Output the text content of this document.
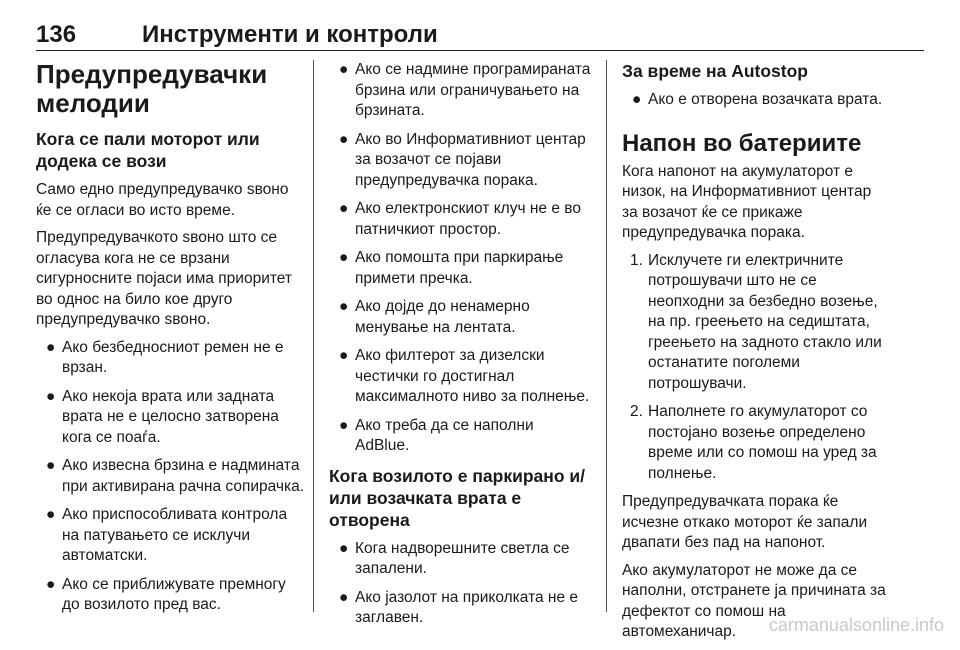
136	Инструменти и контроли
Предупредувачки мелодии
Кога се пали моторот или додека се вози
Само едно предупредувачко ѕвоно ќе се огласи во исто време.
Предупредувачкото ѕвоно што се огласува кога не се врзани сигурносните појаси има приоритет во однос на било кое друго предупредувачко ѕвоно.
● Ако безбедносниот ремен не е врзан.
● Ако некоја врата или задната врата не е целосно затворена кога се поаѓа.
● Ако извесна брзина е надминатa при активирана рачна сопирачка.
● Ако приспособливата контрола на патувањето се исклучи автоматски.
● Ако се приближувате премногу до возилото пред вас.
● Ако се надмине програмираната брзина или ограничувањето на брзината.
● Ако во Информативниот центар за возачот се појави предупредувачка порака.
● Ако електронскиот клуч не е во патничкиот простор.
● Ако помошта при паркирање примети пречка.
● Ако дојде до ненамерно менување на лентата.
● Ако филтерот за дизелски честички го достигнал максималното ниво за полнење.
● Ако треба да се наполни AdBlue.
Кога возилото е паркирано и/или возачката врата е отворена
● Кога надворешните светла се запалени.
● Ако јазолот на приколката не е заглавен.
За време на Autostop
● Ако е отворена возачката врата.
Напон во батериите
Кога напонот на акумулаторот е низок, на Информативниот центар за возачот ќе се прикаже предупредувачка порака.
1. Исклучете ги електричните потрошувачи што не се неопходни за безбедно возење, на пр. греењето на седиштата, греењето на задното стакло или останатите поголеми потрошувачи.
2. Наполнете го акумулаторот со постојано возење определено време или со помош на уред за полнење.
Предупредувачката порака ќе исчезне откако моторот ќе запали двапати без пад на напонот.
Ако акумулаторот не може да се наполни, отстранете ја причината за дефектот со помош на автомеханичар.	carmanualsonline.info
